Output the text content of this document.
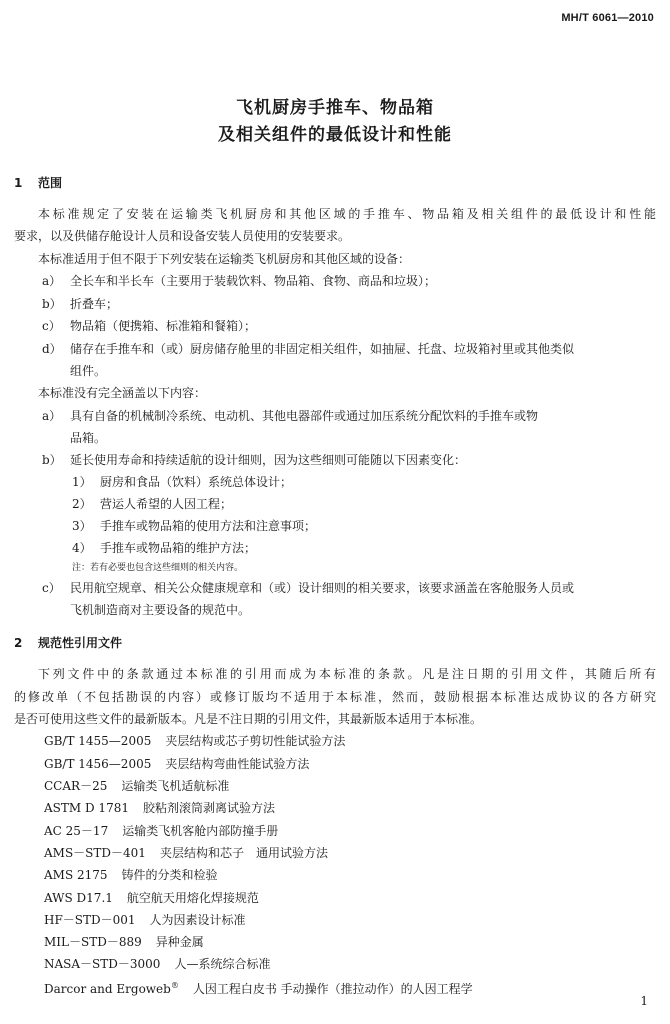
MH/T 6061—2010
飞机厨房手推车、物品箱
及相关组件的最低设计和性能
1 范围
本标准规定了安装在运输类飞机厨房和其他区域的手推车、物品箱及相关组件的最低设计和性能
要求，以及供储存舱设计人员和设备安装人员使用的安装要求。
本标准适用于但不限于下列安装在运输类飞机厨房和其他区域的设备：
a） 全长车和半长车（主要用于装载饮料、物品箱、食物、商品和垃圾）；
b） 折叠车；
c） 物品箱（便携箱、标准箱和餐箱）；
d） 储存在手推车和（或）厨房储存舱里的非固定相关组件，如抽屉、托盘、垃圾箱衬里或其他类似
组件。
本标准没有完全涵盖以下内容：
a） 具有自备的机械制冷系统、电动机、其他电器部件或通过加压系统分配饮料的手推车或物
品箱。
b） 延长使用寿命和持续适航的设计细则，因为这些细则可能随以下因素变化：
1） 厨房和食品（饮料）系统总体设计；
2） 营运人希望的人因工程；
3） 手推车或物品箱的使用方法和注意事项；
4） 手推车或物品箱的维护方法；
注：若有必要也包含这些细则的相关内容。
c） 民用航空规章、相关公众健康规章和（或）设计细则的相关要求，该要求涵盖在客舱服务人员或
飞机制造商对主要设备的规范中。
2 规范性引用文件
下列文件中的条款通过本标准的引用而成为本标准的条款。凡是注日期的引用文件，其随后所有
的修改单（不包括勘误的内容）或修订版均不适用于本标准，然而，鼓励根据本标准达成协议的各方研究
是否可使用这些文件的最新版本。凡是不注日期的引用文件，其最新版本适用于本标准。
GB/T 1455—2005 夹层结构或芯子剪切性能试验方法
GB/T 1456—2005 夹层结构弯曲性能试验方法
CCAR－25 运输类飞机适航标准
ASTM D 1781 胶粘剂滚筒剥离试验方法
AC 25－17 运输类飞机客舱内部防撞手册
AMS－STD－401 夹层结构和芯子　通用试验方法
AMS 2175 铸件的分类和检验
AWS D17.1 航空航天用熔化焊接规范
HF－STD－001 人为因素设计标准
MIL－STD－889 异种金属
NASA－STD－3000 人—系统综合标准
Darcor and Ergoweb® 人因工程白皮书 手动操作（推拉动作）的人因工程学
1
